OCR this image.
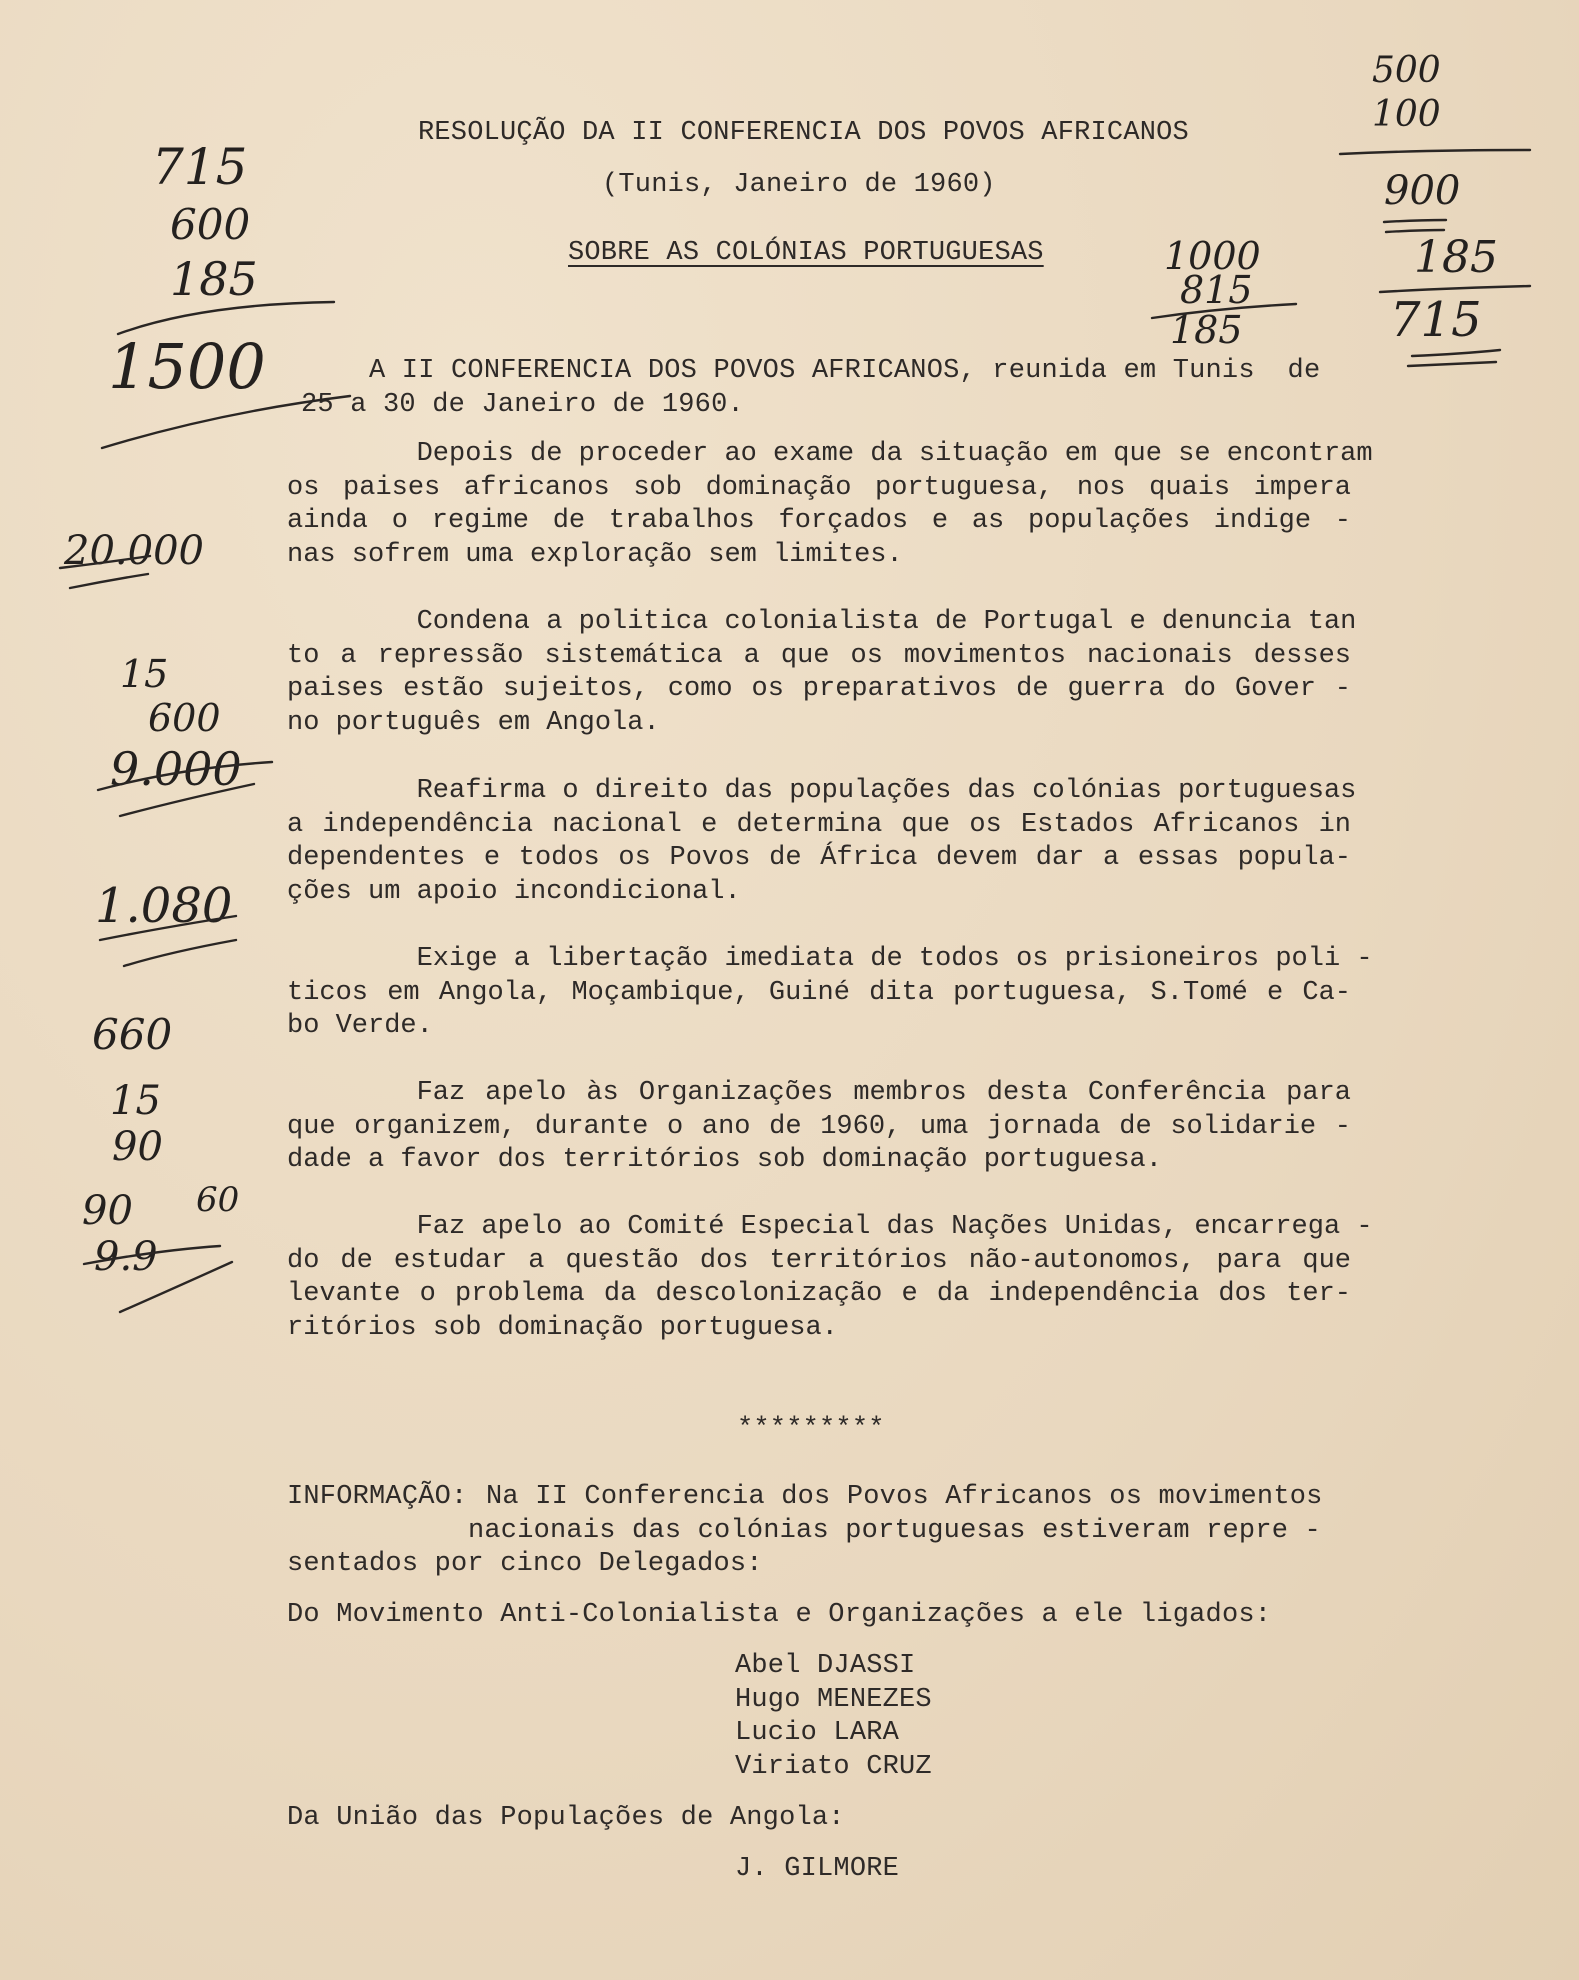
RESOLUÇÃO DA II CONFERENCIA DOS POVOS AFRICANOS
(Tunis, Janeiro de 1960)
SOBRE AS COLÓNIAS PORTUGUESAS
A II CONFERENCIA DOS POVOS AFRICANOS, reunida em Tunis  de
25 a 30 de Janeiro de 1960.
Depois de proceder ao exame da situação em que se encontram
os paises africanos sob dominação portuguesa, nos quais impera
ainda o regime de trabalhos forçados e as populações indige -
nas sofrem uma exploração sem limites.
Condena a politica colonialista de Portugal e denuncia tan
to a repressão sistemática a que os movimentos nacionais desses
paises estão sujeitos, como os preparativos de guerra do Gover -
no português em Angola.
Reafirma o direito das populações das colónias portuguesas
a independência nacional e determina que os Estados Africanos in
dependentes e todos os Povos de África devem dar a essas popula-
ções um apoio incondicional.
Exige a libertação imediata de todos os prisioneiros poli -
ticos em Angola, Moçambique, Guiné dita portuguesa, S.Tomé e Ca-
bo Verde.
Faz apelo às Organizações membros desta Conferência para
que organizem, durante o ano de 1960, uma jornada de solidarie -
dade a favor dos territórios sob dominação portuguesa.
Faz apelo ao Comité Especial das Nações Unidas, encarrega -
do de estudar a questão dos territórios não-autonomos, para que
levante o problema da descolonização e da independência dos ter-
ritórios sob dominação portuguesa.
*********
INFORMAÇÃO: Na II Conferencia dos Povos Africanos os movimentos
nacionais das colónias portuguesas estiveram repre -
sentados por cinco Delegados:
Do Movimento Anti-Colonialista e Organizações a ele ligados:
Abel DJASSI
Hugo MENEZES
Lucio LARA
Viriato CRUZ
Da União das Populações de Angola:
J. GILMORE
715
600
185
1500
20.000
15
600
9.000
1.080
660
15
90
90 60
9.9
1000
815
185
500
100
900
185
715
